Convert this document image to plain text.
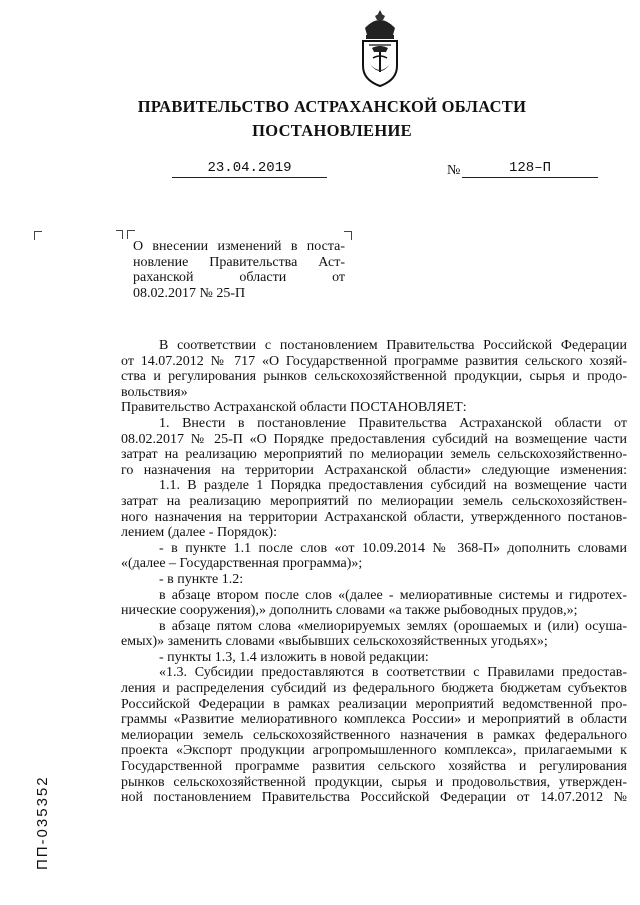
ПРАВИТЕЛЬСТВО АСТРАХАНСКОЙ ОБЛАСТИ
ПОСТАНОВЛЕНИЕ
23.04.2019	№	128–П
О внесении изменений в поста-
новление Правительства Аст-
раханской области от
08.02.2017 № 25-П
В соответствии с постановлением Правительства Российской Федерации
от 14.07.2012 № 717 «О Государственной программе развития сельского хозяй-
ства и регулирования рынков сельскохозяйственной продукции, сырья и продо-
вольствия»
Правительство Астраханской области ПОСТАНОВЛЯЕТ:
1. Внести в постановление Правительства Астраханской области от
08.02.2017 № 25-П «О Порядке предоставления субсидий на возмещение части
затрат на реализацию мероприятий по мелиорации земель сельскохозяйственно-
го назначения на территории Астраханской области» следующие изменения:
1.1. В разделе 1 Порядка предоставления субсидий на возмещение части
затрат на реализацию мероприятий по мелиорации земель сельскохозяйствен-
ного назначения на территории Астраханской области, утвержденного постанов-
лением (далее - Порядок):
- в пункте 1.1 после слов «от 10.09.2014 № 368-П» дополнить словами
«(далее – Государственная программа)»;
- в пункте 1.2:
в абзаце втором после слов «(далее - мелиоративные системы и гидротех-
нические сооружения),» дополнить словами «а также рыбоводных прудов,»;
в абзаце пятом слова «мелиорируемых землях (орошаемых и (или) осуша-
емых)» заменить словами «выбывших сельскохозяйственных угодьях»;
- пункты 1.3, 1.4 изложить в новой редакции:
«1.3. Субсидии предоставляются в соответствии с Правилами предостав-
ления и распределения субсидий из федерального бюджета бюджетам субъектов
Российской Федерации в рамках реализации мероприятий ведомственной про-
граммы «Развитие мелиоративного комплекса России» и мероприятий в области
мелиорации земель сельскохозяйственного назначения в рамках федерального
проекта «Экспорт продукции агропромышленного комплекса», прилагаемыми к
Государственной программе развития сельского хозяйства и регулирования
рынков сельскохозяйственной продукции, сырья и продовольствия, утвержден-
ной постановлением Правительства Российской Федерации от 14.07.2012 №
ПП-035352
